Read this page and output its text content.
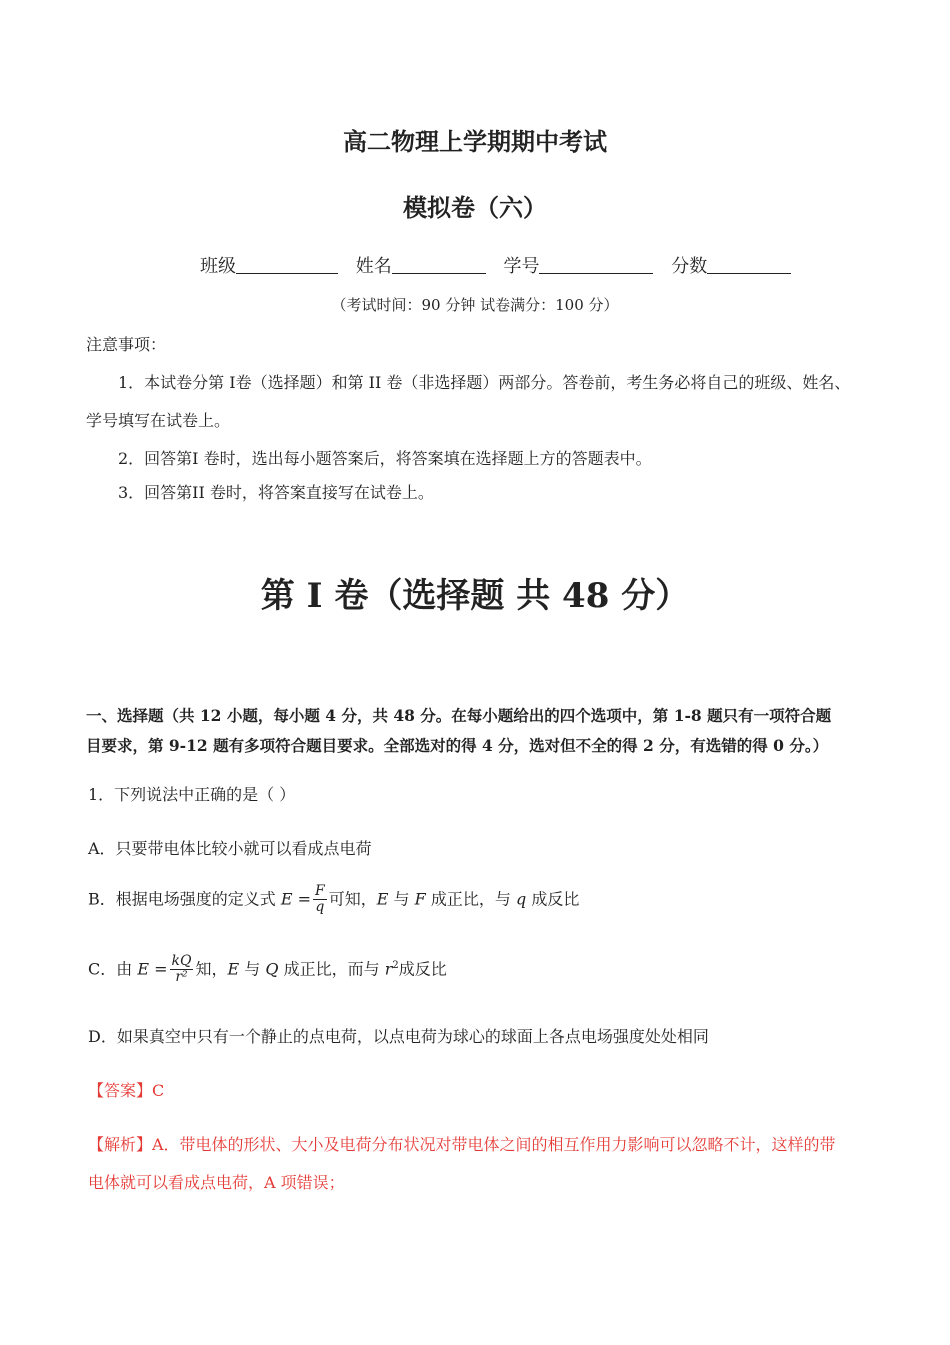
高二物理上学期期中考试
模拟卷（六）
班级	姓名	学号	分数
（考试时间：90 分钟 试卷满分：100 分）
注意事项：
1．本试卷分第 I卷（选择题）和第 II 卷（非选择题）两部分。答卷前，考生务必将自己的班级、姓名、
学号填写在试卷上。
2．回答第I 卷时，选出每小题答案后，将答案填在选择题上方的答题表中。
3．回答第II 卷时，将答案直接写在试卷上。
第 I 卷（选择题 共 48 分）
一、选择题（共 12 小题，每小题 4 分，共 48 分。在每小题给出的四个选项中，第 1-8 题只有一项符合题
目要求，第 9-12 题有多项符合题目要求。全部选对的得 4 分，选对但不全的得 2 分，有选错的得 0 分。）
1．下列说法中正确的是（ ）
A．只要带电体比较小就可以看成点电荷
B．根据电场强度的定义式 $E = \frac{F}{q}$ 可知，E 与 F 成正比，与 q 成反比
C．由 $E = \frac{kQ}{\text{r²}}$ 知，E 与 Q 成正比，而与 $r^2$成反比
D．如果真空中只有一个静止的点电荷，以点电荷为球心的球面上各点电场强度处处相同
【答案】C
【解析】A．带电体的形状、大小及电荷分布状况对带电体之间的相互作用力影响可以忽略不计，这样的带
电体就可以看成点电荷，A 项错误；
